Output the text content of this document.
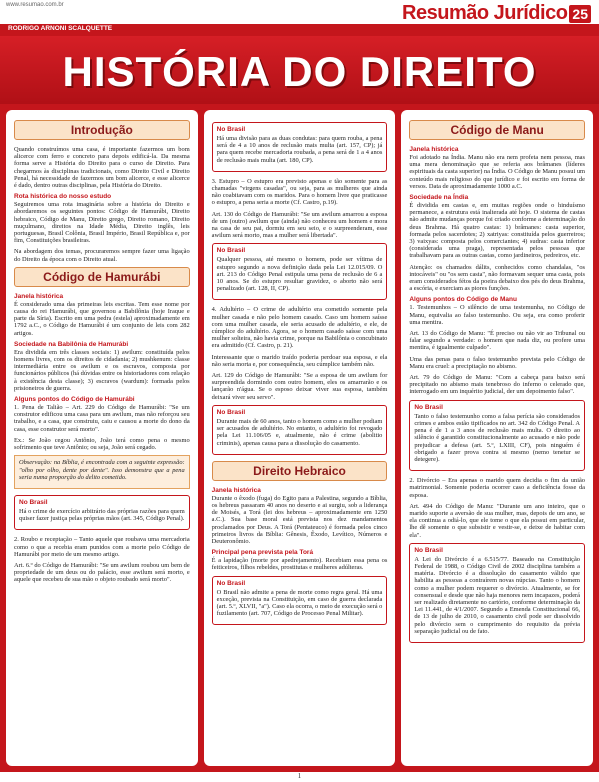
www.resumao.com.br	Resumão Jurídico 25
RODRIGO ARNONI SCALQUETTE
HISTÓRIA DO DIREITO
Introdução

Quando construímos uma casa, é importante fazermos um bom alicerce com ferro e concreto para depois edificá-la. Da mesma forma serve a História do Direito para o curso de Direito. Para chegarmos às disciplinas tradicionais, como Direito Civil e Direito Penal, há necessidade de fazermos um bom alicerce, e esse alicerce é dado, dentro outras disciplinas, pela História do Direito.

Rota histórica do nosso estudo

Seguiremos uma rota imaginária sobre a história do Direito e abordaremos os seguintes pontos: Código de Hamurábi, Direito hebraico, Código de Manu, Direito grego, Direito romano, Direito muçulmano, direitos na Idade Média, Direito inglês, leis portuguesas, Brasil Colônia, Brasil Império, Brasil República e, por fim, Constituições brasileiras.

Na abordagem dos temas, procuraremos sempre fazer uma ligação do Direito da época com o Direito atual.

Código de Hamurábi
Janela histórica

É considerado uma das primeiras leis escritas. Tem esse nome por causa do rei Hamurábi, que governou a Babilônia (hoje Iraque e parte da Síria). Escrito em uma pedra (estela) aproximadamente em 1792 a.C., o Código de Hamurábi é um conjunto de leis com 282 artigos.

Sociedade na Babilônia de Hamurábi

Era dividida em três classes sociais: 1) awilum: constituída pelos homens livres, com os direitos de cidadania; 2) mushkenum: classe intermediária entre os awilum e os escravos, composta por funcionários públicos (há dúvidas entre os historiadores com relação à existência desta classe); 3) escravos (wardum): formada pelos prisioneiros de guerra.

Alguns pontos do Código de Hamurábi

1. Pena de Talião – Art. 229 do Código de Hamurábi: "Se um construtor edificou uma casa para um awilum, mas não reforçou seu trabalho, e a casa, que construiu, caiu e causou a morte do dono da casa, esse construtor será morto".

Ex.: Se João cegou Antônio, João terá como pena o mesmo sofrimento que teve Antônio; ou seja, João será cegado.

Observação: na Bíblia, é encontrada com a seguinte expressão: "olho por olho, dente por dente". Isso demonstra que a pena seria numa proporção do delito cometido.

No Brasil

Há o crime de exercício arbitrário das próprias razões para quem quiser fazer justiça pelas próprias mãos (art. 345, Código Penal).

2. Roubo e receptação – Tanto aquele que roubava uma mercadoria como o que a recebia eram punidos com a morte pelo Código de Hamurábi por meio de um mesmo artigo.

Art. 6.º do Código de Hamurábi: "Se um awilum roubou um bem de propriedade de um deus ou do palácio, esse awilum será morto, e aquele que recebeu de sua mão o objeto roubado será morto".

No Brasil

Há uma divisão para as duas condutas: para quem rouba, a pena será de 4 a 10 anos de reclusão mais multa (art. 157, CP); já para quem recebe mercadoria roubada, a pena será de 1 a 4 anos de reclusão mais multa (art. 180, CP).

3. Estupro – O estupro era previsto apenas e tão somente para as chamadas "virgens casadas", ou seja, para as mulheres que ainda não coabitavam com os maridos. Para o homem livre que praticasse o estupro, a pena seria a morte (Cf. Castro, p.19).

Art. 130 do Código de Hamurábi: "Se um awilum amarrou a esposa de um (outro) awilum que (ainda) não conheceu um homem e mora na casa de seu pai, dormiu em seu seio, e o surpreenderam, esse awilum será morto, mas a mulher será libertada".

No Brasil

Qualquer pessoa, até mesmo o homem, pode ser vítima de estupro segundo a nova definição dada pela Lei 12.015/09. O art. 213 do Código Penal estipula uma pena de reclusão de 6 a 10 anos. Se do estupro resultar gravidez, o aborto não será penalizado (art. 128, II, CP).

4. Adultério – O crime de adultério era cometido somente pela mulher casada e não pelo homem casado. Caso um homem saísse com uma mulher casada, ele seria acusado de adultério, e ele, de cúmplice do adultério. Agora, se o homem casado saísse com uma mulher solteira, não havia crime, porque na Babilônia o concubinato era admitido (Cf. Castro, p. 21).

Interessante que o marido traído poderia perdoar sua esposa, e ela não seria morta e, por consequência, seu cúmplice também não.

Art. 129 do Código de Hamurábi: "Se a esposa de um awilum for surpreendida dormindo com outro homem, eles os amarrarão e os lançarão n'água. Se o esposo deixar viver sua esposa, também deixará viver seu servo".

No Brasil

Durante mais de 60 anos, tanto o homem como a mulher podiam ser acusados de adultério. No entanto, o adultério foi revogado pela Lei 11.106/05 e, atualmente, não é crime (abolitio criminis), apenas causa para a dissolução do casamento.

Direito Hebraico
Janela histórica

Durante o êxodo (fuga) do Egito para a Palestina, segundo a Bíblia, os hebreus passaram 40 anos no deserto e ai surgiu, sob a liderança de Moisés, a Torá (lei dos hebreus – aproximadamente em 1250 a.C.). Sua base moral está prevista nos dez mandamentos proclamados por Deus. A Torá (Pentateuco) é formada pelos cinco primeiros livros da Bíblia: Gênesis, Êxodo, Levítico, Números e Deuteronômio.

Principal pena prevista pela Torá

É a lapidação (morte por apedrejamento). Recebiam essa pena os feiticeiros, filhos rebeldes, prostitutas e mulheres adúlteras.

No Brasil

O Brasil não admite a pena de morte como regra geral. Há uma exceção, prevista na Constituição, em caso de guerra declarada (art. 5.º, XLVII, "a"). Caso ela ocorra, o meio de execução será o fuzilamento (art. 707, Código de Processo Penal Militar).

Código de Manu
Janela histórica

Foi adotado na Índia. Manu não era nem profeta nem pessoa, mas uma mera denominação que se referia aos brâmanes (líderes espirituais da casta superior) na Índia. O Código de Manu possui um conteúdo mais religioso do que jurídico e foi escrito em forma de versos. Data de aproximadamente 1000 a.C.

Sociedade na Índia

É dividida em castas e, em muitas regiões onde o hinduísmo permanece, a estrutura está inalterada até hoje. O sistema de castas não admite mudanças porque foi criado conforme a determinação do deus Brahma. Há quatro castas: 1) brâmanes: casta superior, formada pelos sacerdotes; 2) xatriyas: constituída pelos guerreiros; 3) vaixyas: composta pelos comerciantes; 4) sudras: casta inferior (considerada uma praga), representada pelos pessoas que trabalhavam para as outras castas, como jardineiros, pedreiros, etc.

Atenção: os chamados dálits, conhecidos como chandalas, "os intocáveis" ou "os sem casta", não formavam sequer uma casta, pois eram considerados fétos da poeira debaixo dos pés do deus Brahma, a escória, e exerciam as piores funções.

Alguns pontos do Código de Manu

1. Testemunhos – O silêncio de uma testemunha, no Código de Manu, equivalia ao falso testemunho. Ou seja, era como proferir uma mentira.

Art. 13 do Código de Manu: "É preciso ou não vir ao Tribunal ou falar segundo a verdade: o homem que nada diz, ou profere uma mentira, é igualmente culpado".

Uma das penas para o falso testemunho prevista pelo Código de Manu era cruel: a precipitação no abismo.

Art. 79 do Código de Manu: "Com a cabeça para baixo será precipitado no abismo mais tenebroso do inferno o celerado que, interrogado em um inquérito judicial, der um depoimento falso".

No Brasil

Tanto o falso testemunho como a falsa perícia são considerados crimes e ambos estão tipificados no art. 342 do Código Penal. A pena é de 1 a 3 anos de reclusão mais multa. O direito ao silêncio é garantido constitucionalmente ao acusado e não pode prejudicar a defesa (art. 5.º, LXIII, CF), pois ninguém é obrigado a fazer prova contra si mesmo (nemo tenetur se detegere).

2. Divórcio – Era apenas o marido quem decidia o fim da união matrimonial. Somente poderia ocorrer caso a deficiência fosse da esposa.

Art. 494 do Código de Manu: "Durante um ano inteiro, que o marido suporte a aversão de sua mulher, mas, depois de um ano, se ela continua a odiá-lo, que ele tome o que ela possui em particular, lhe dê somente o que subsistir e vestir-se, e deixe de habitar com ela".

No Brasil

A Lei do Divórcio é a 6.515/77. Baseado na Constituição Federal de 1988, o Código Civil de 2002 disciplina também a matéria. Divórcio é a dissolução do casamento válido que habilita as pessoas a contraírem novas núpcias. Tanto o homem como a mulher podem requerer o divórcio. Atualmente, se for consensual e desde que não haja menores nem incapazes, poderá ser realizado diretamente no cartório, conforme determinação da Lei 11.441, de 4/1/2007. Segundo a Emenda Constitucional 66, de 13 de julho de 2010, o casamento civil pode ser dissolvido pelo divórcio sem o cumprimento do requisito da prévia separação judicial ou de fato.

1
